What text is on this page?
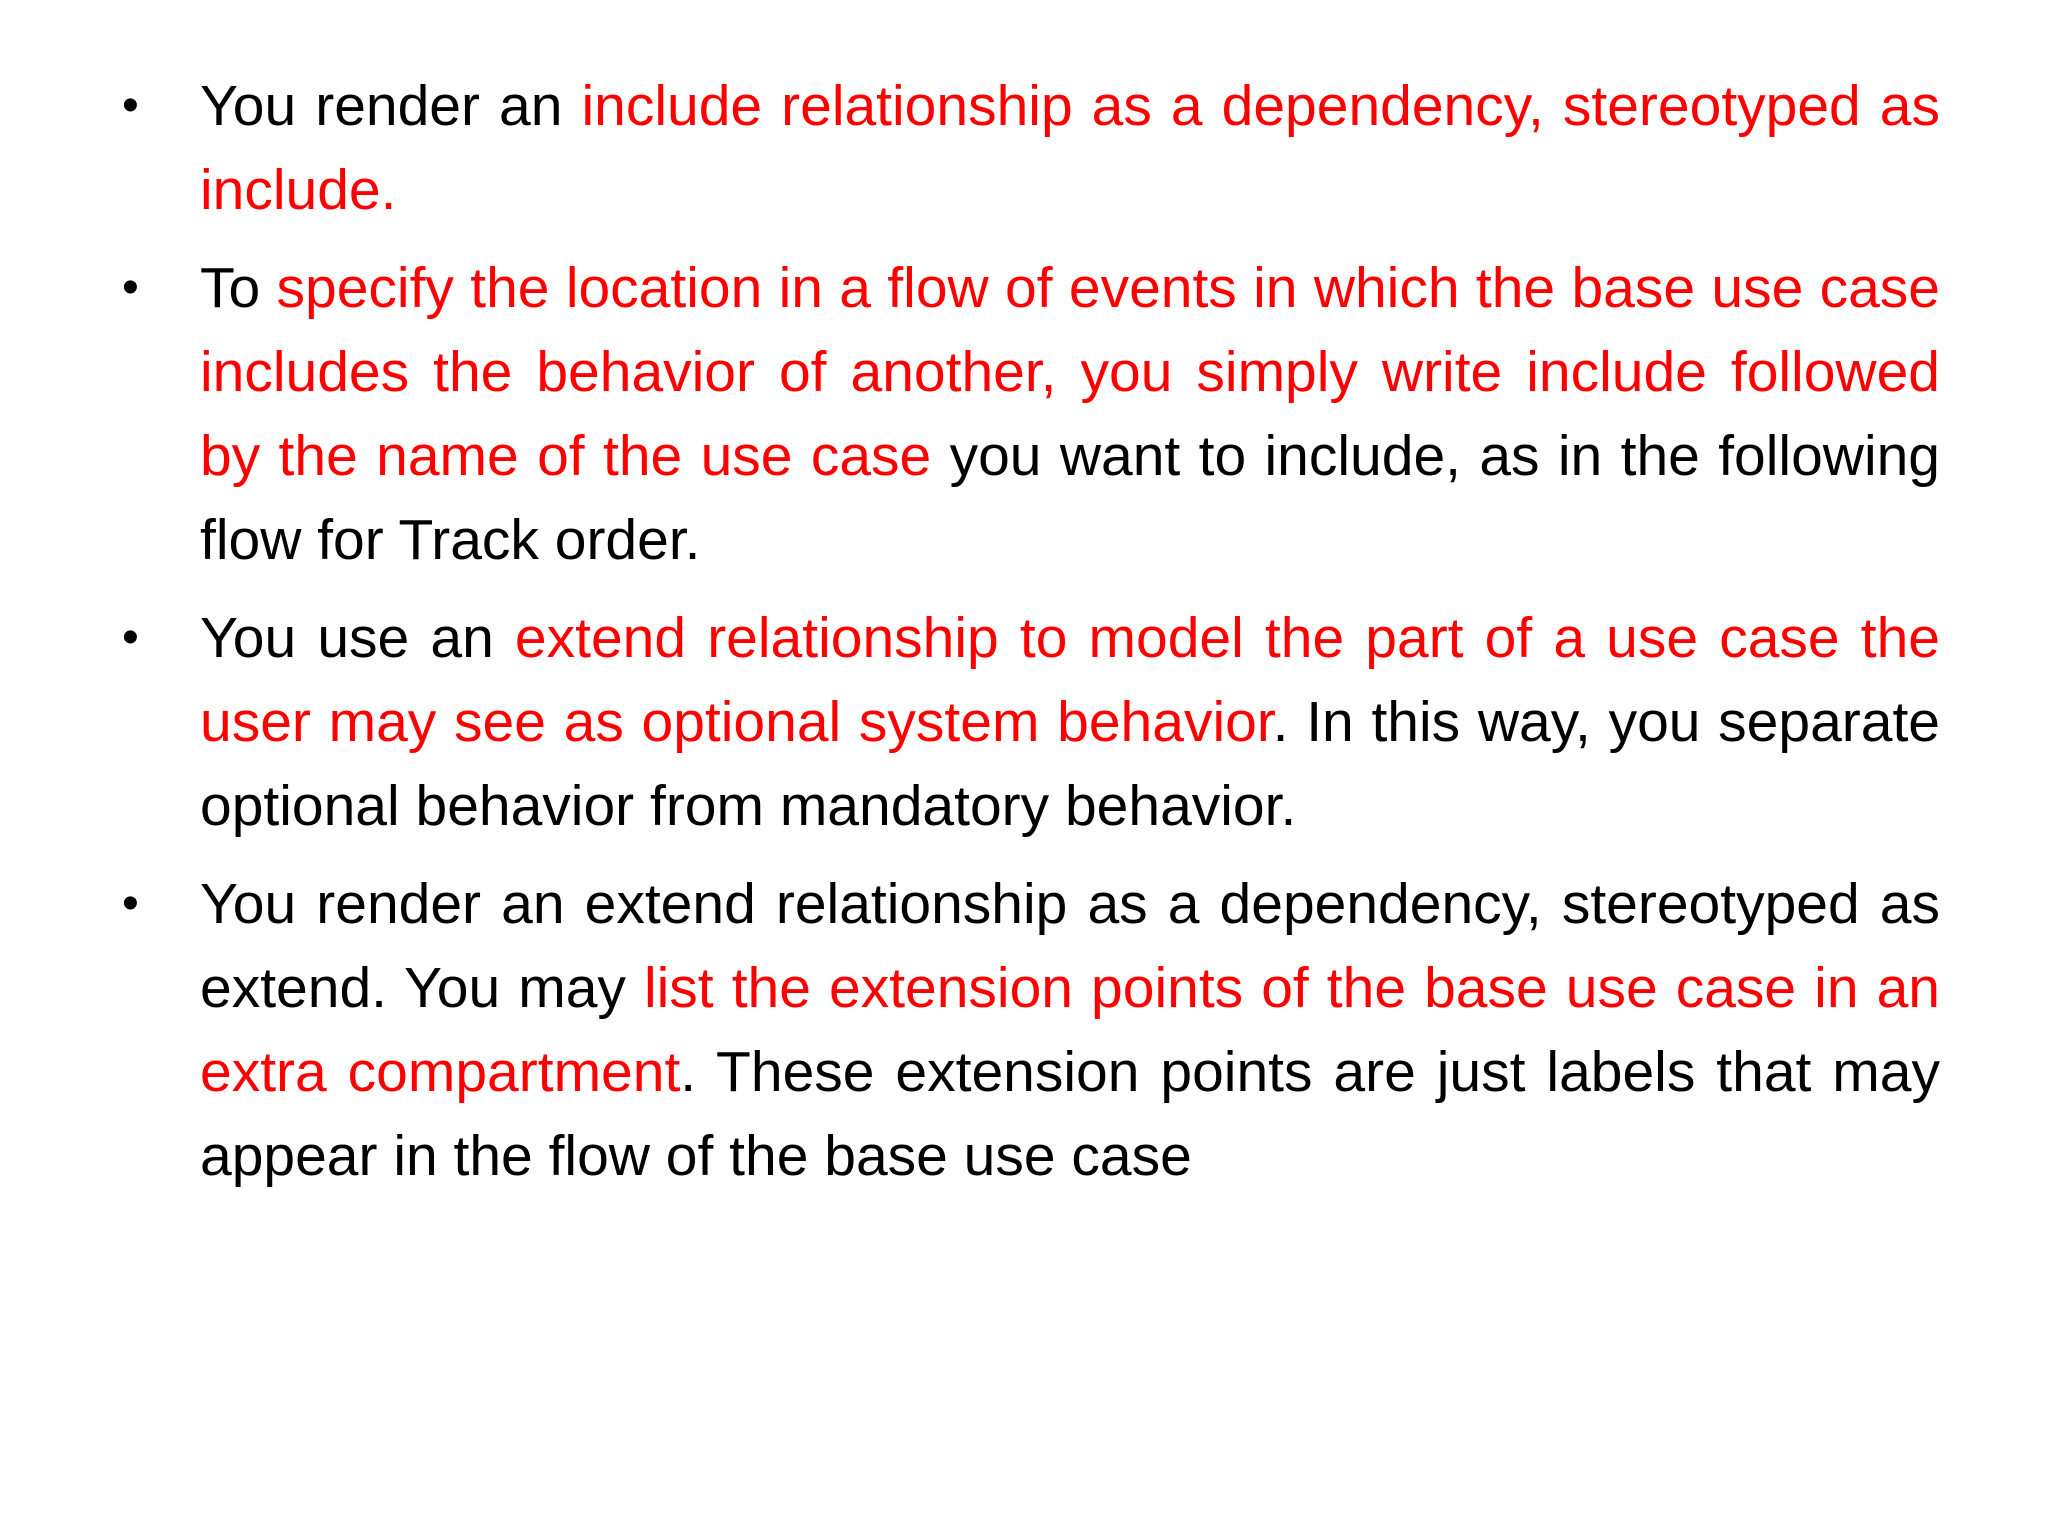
• You render an include relationship as a dependency, stereotyped as include.
• To specify the location in a flow of events in which the base use case includes the behavior of another, you simply write include followed by the name of the use case you want to include, as in the following flow for Track order.
• You use an extend relationship to model the part of a use case the user may see as optional system behavior. In this way, you separate optional behavior from mandatory behavior.
• You render an extend relationship as a dependency, stereotyped as extend. You may list the extension points of the base use case in an extra compartment. These extension points are just labels that may appear in the flow of the base use case
